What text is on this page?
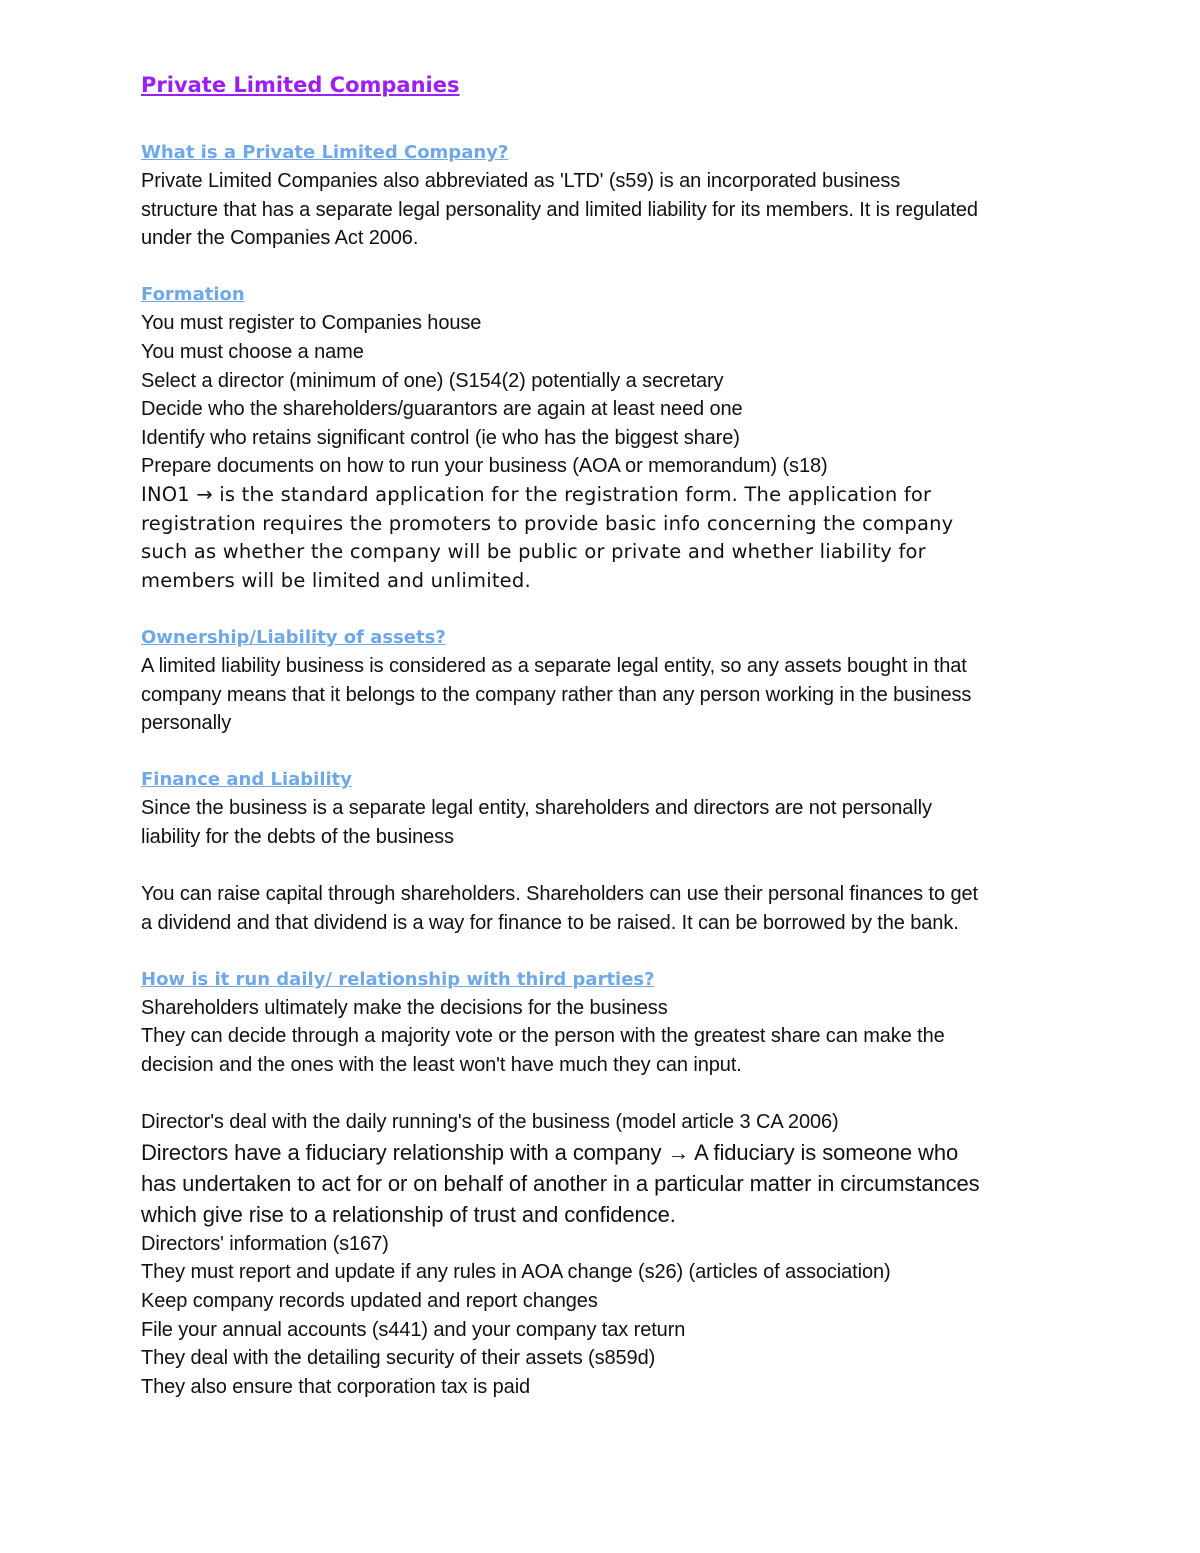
Private Limited Companies
What is a Private Limited Company?
Private Limited Companies also abbreviated as 'LTD' (s59) is an incorporated business
structure that has a separate legal personality and limited liability for its members. It is regulated
under the Companies Act 2006.
Formation
You must register to Companies house
You must choose a name
Select a director (minimum of one) (S154(2) potentially a secretary
Decide who the shareholders/guarantors are again at least need one
Identify who retains significant control (ie who has the biggest share)
Prepare documents on how to run your business (AOA or memorandum) (s18)
INO1 → is the standard application for the registration form. The application for
registration requires the promoters to provide basic info concerning the company
such as whether the company will be public or private and whether liability for
members will be limited and unlimited.
Ownership/Liability of assets?
A limited liability business is considered as a separate legal entity, so any assets bought in that
company means that it belongs to the company rather than any person working in the business
personally
Finance and Liability
Since the business is a separate legal entity, shareholders and directors are not personally
liability for the debts of the business
You can raise capital through shareholders. Shareholders can use their personal finances to get
a dividend and that dividend is a way for finance to be raised. It can be borrowed by the bank.
How is it run daily/ relationship with third parties?
Shareholders ultimately make the decisions for the business
They can decide through a majority vote or the person with the greatest share can make the
decision and the ones with the least won't have much they can input.
Director's deal with the daily running's of the business (model article 3 CA 2006)
Directors have a fiduciary relationship with a company → A fiduciary is someone who
has undertaken to act for or on behalf of another in a particular matter in circumstances
which give rise to a relationship of trust and confidence.
Directors' information (s167)
They must report and update if any rules in AOA change (s26) (articles of association)
Keep company records updated and report changes
File your annual accounts (s441) and your company tax return
They deal with the detailing security of their assets (s859d)
They also ensure that corporation tax is paid
